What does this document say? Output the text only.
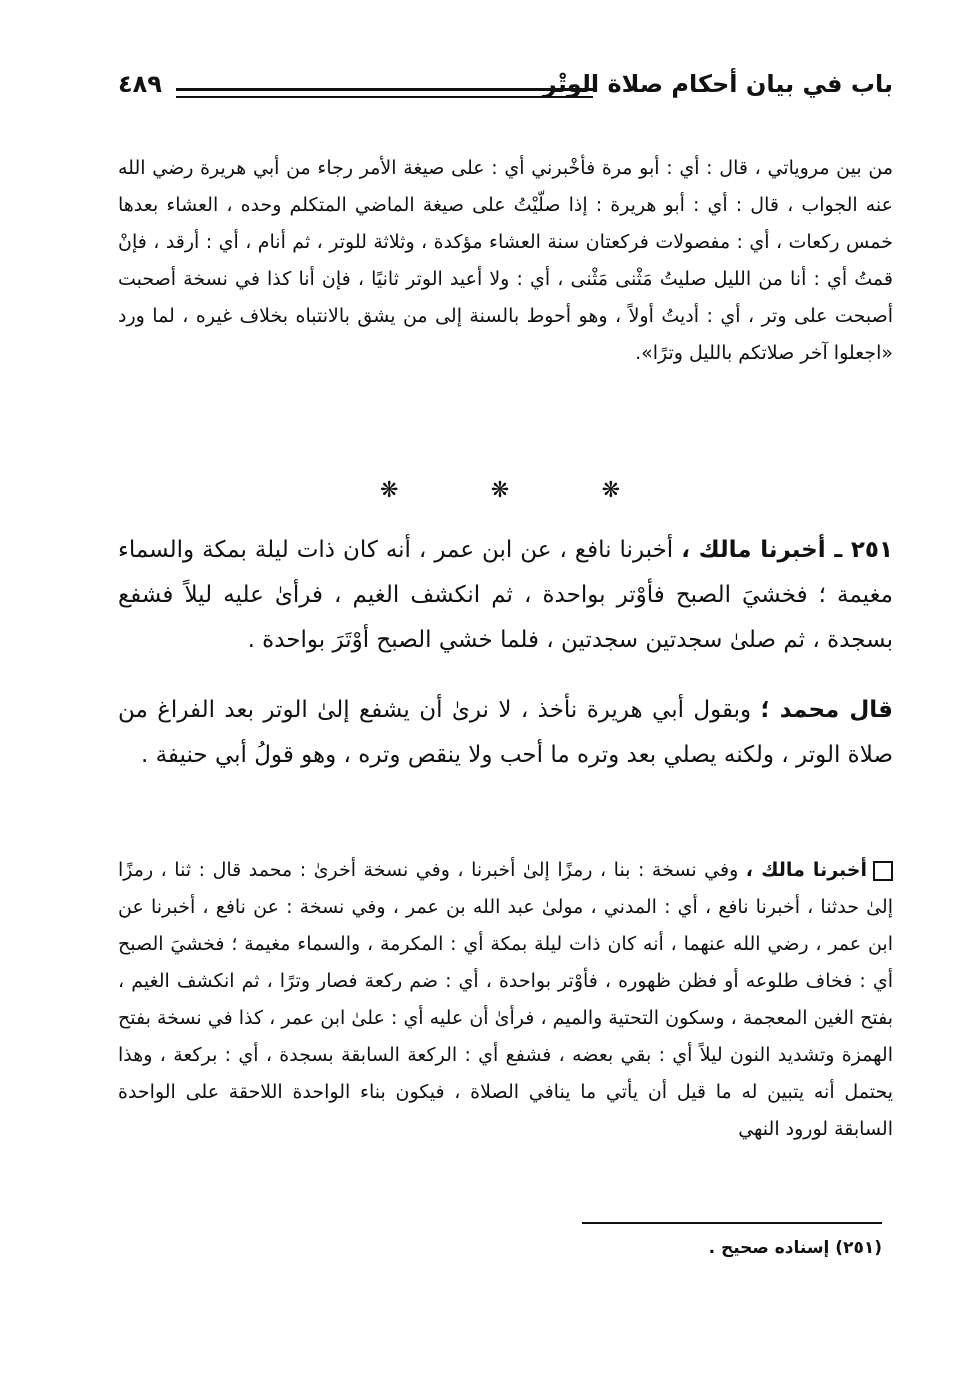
باب في بيان أحكام صلاة الوتْر
٤٨٩
من بين مروياتي ، قال : أي : أبو مرة فأخْبرني أي : على صيغة الأمر رجاء من أبي هريرة رضي الله عنه الجواب ، قال : أي : أبو هريرة : إذا صلّيْتُ على صيغة الماضي المتكلم وحده ، العشاء بعدها خمس ركعات ، أي : مفصولات فركعتان سنة العشاء مؤكدة ، وثلاثة للوتر ، ثم أنام ، أي : أرقد ، فإنْ قمتُ أي : أنا من الليل صليتُ مَثْنى مَثْنى ، أي : ولا أعيد الوتر ثانيًا ، فإن أنا كذا في نسخة أصحبت أصبحت على وتر ، أي : أديتُ أولاً ، وهو أحوط بالسنة إلى من يشق بالانتباه بخلاف غيره ، لما ورد «اجعلوا آخر صلاتكم بالليل وترًا».
❋	❋	❋
٢٥١ ـ أخبرنا مالك ، أخبرنا نافع ، عن ابن عمر ، أنه كان ذات ليلة بمكة والسماء مغيمة ؛ فخشيَ الصبح فأوْتر بواحدة ، ثم انكشف الغيم ، فرأىٰ عليه ليلاً فشفع بسجدة ، ثم صلىٰ سجدتين سجدتين ، فلما خشي الصبح أوْتَرَ بواحدة .
قال محمد ؛ وبقول أبي هريرة نأخذ ، لا نرىٰ أن يشفع إلىٰ الوتر بعد الفراغ من صلاة الوتر ، ولكنه يصلي بعد وتره ما أحب ولا ينقص وتره ، وهو قولُ أبي حنيفة .
أخبرنا مالك ، وفي نسخة : بنا ، رمزًا إلىٰ أخبرنا ، وفي نسخة أخرىٰ : محمد قال : ثنا ، رمزًا إلىٰ حدثنا ، أخبرنا نافع ، أي : المدني ، مولىٰ عبد الله بن عمر ، وفي نسخة : عن نافع ، أخبرنا عن ابن عمر ، رضي الله عنهما ، أنه كان ذات ليلة بمكة أي : المكرمة ، والسماء مغيمة ؛ فخشيَ الصبح أي : فخاف طلوعه أو فظن ظهوره ، فأوْتر بواحدة ، أي : ضم ركعة فصار وترًا ، ثم انكشف الغيم ، بفتح الغين المعجمة ، وسكون التحتية والميم ، فرأىٰ أن عليه أي : علىٰ ابن عمر ، كذا في نسخة بفتح الهمزة وتشديد النون ليلاً أي : بقي بعضه ، فشفع أي : الركعة السابقة بسجدة ، أي : بركعة ، وهذا يحتمل أنه يتبين له ما قيل أن يأتي ما ينافي الصلاة ، فيكون بناء الواحدة اللاحقة على الواحدة السابقة لورود النهي
(٢٥١) إسناده صحيح .
